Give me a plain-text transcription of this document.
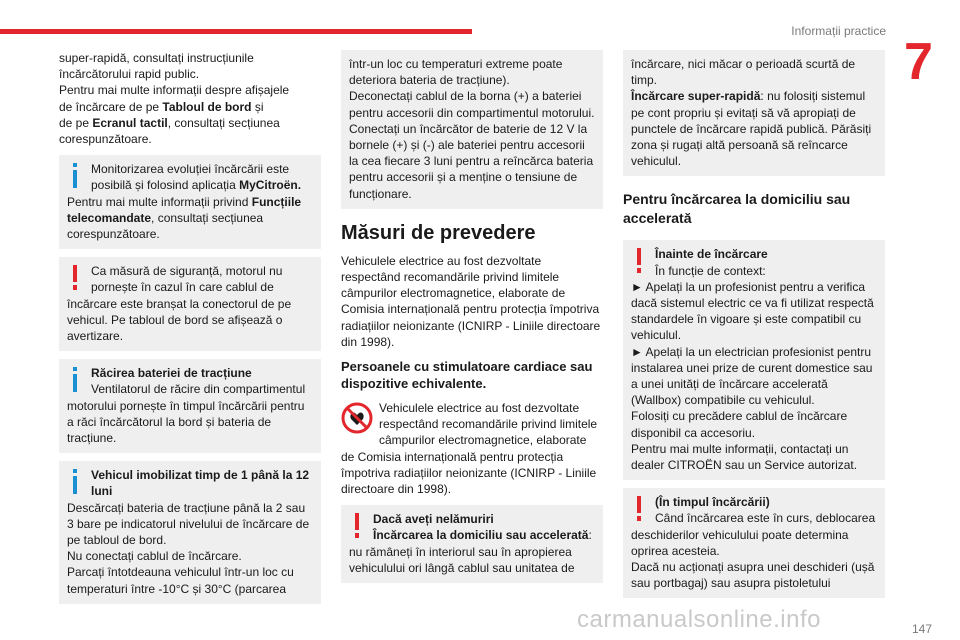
Informații practice
7
super-rapidă, consultați instrucțiunile
încărcătorului rapid public.
Pentru mai multe informații despre afișajele
de încărcare de pe Tabloul de bord și
de pe Ecranul tactil, consultați secțiunea
corespunzătoare.
Monitorizarea evoluției încărcării este posibilă și folosind aplicația MyCitroën.
Pentru mai multe informații privind Funcțiile telecomandate, consultați secțiunea corespunzătoare.
Ca măsură de siguranță, motorul nu pornește în cazul în care cablul de încărcare este branșat la conectorul de pe vehicul. Pe tabloul de bord se afișează o avertizare.
Răcirea bateriei de tracțiune
Ventilatorul de răcire din compartimentul motorului pornește în timpul încărcării pentru a răci încărcătorul la bord și bateria de tracțiune.
Vehicul imobilizat timp de 1 până la 12 luni
Descărcați bateria de tracțiune până la 2 sau 3 bare pe indicatorul nivelului de încărcare de pe tabloul de bord.
Nu conectați cablul de încărcare.
Parcați întotdeauna vehiculul într-un loc cu temperaturi între -10°C și 30°C (parcarea
într-un loc cu temperaturi extreme poate deteriora bateria de tracțiune).
Deconectați cablul de la borna (+) a bateriei pentru accesorii din compartimentul motorului.
Conectați un încărcător de baterie de 12 V la bornele (+) și (-) ale bateriei pentru accesorii la cea fiecare 3 luni pentru a reîncărca bateria pentru accesorii și a menține o tensiune de funcționare.
Măsuri de prevedere
Vehiculele electrice au fost dezvoltate respectând recomandările privind limitele câmpurilor electromagnetice, elaborate de Comisia internațională pentru protecția împotriva radiațiilor neionizante (ICNIRP - Liniile directoare din 1998).
Persoanele cu stimulatoare cardiace sau dispozitive echivalente.
Vehiculele electrice au fost dezvoltate respectând recomandările privind limitele câmpurilor electromagnetice, elaborate de Comisia internațională pentru protecția împotriva radiațiilor neionizante (ICNIRP - Liniile directoare din 1998).
Dacă aveți nelămuriri
Încărcarea la domiciliu sau accelerată: nu rămâneți în interiorul sau în apropierea vehiculului ori lângă cablul sau unitatea de
încărcare, nici măcar o perioadă scurtă de timp.
Încărcare super-rapidă: nu folosiți sistemul pe cont propriu și evitați să vă apropiați de punctele de încărcare rapidă publică. Părăsiți zona și rugați altă persoană să reîncarce vehiculul.
Pentru încărcarea la domiciliu sau accelerată
Înainte de încărcare
În funcție de context:
► Apelați la un profesionist pentru a verifica dacă sistemul electric ce va fi utilizat respectă standardele în vigoare și este compatibil cu vehiculul.
► Apelați la un electrician profesionist pentru instalarea unei prize de curent domestice sau a unei unități de încărcare accelerată (Wallbox) compatibile cu vehiculul.
Folosiți cu precădere cablul de încărcare disponibil ca accesoriu.
Pentru mai multe informații, contactați un dealer CITROËN sau un Service autorizat.
(În timpul încărcării)
Când încărcarea este în curs, deblocarea deschiderilor vehiculului poate determina oprirea acesteia.
Dacă nu acționați asupra unei deschideri (ușă sau portbagaj) sau asupra pistoletului
carmanualsonline.info	147
